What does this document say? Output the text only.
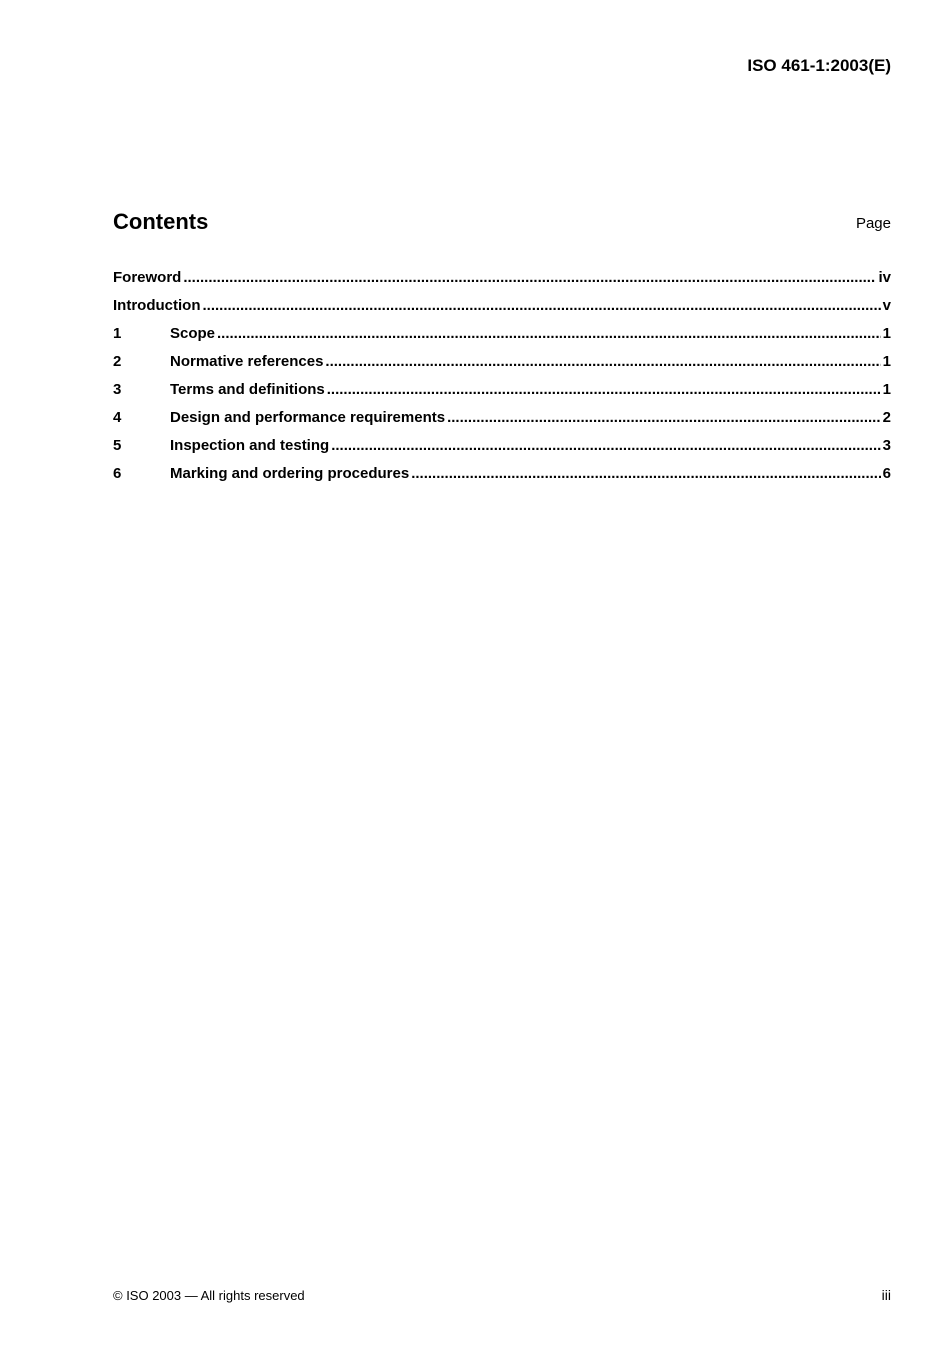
ISO 461-1:2003(E)
Contents	Page
Foreword .....	iv
Introduction .....	v
1	Scope .....	1
2	Normative references .....	1
3	Terms and definitions .....	1
4	Design and performance requirements .....	2
5	Inspection and testing .....	3
6	Marking and ordering procedures .....	6
© ISO 2003 — All rights reserved	iii
